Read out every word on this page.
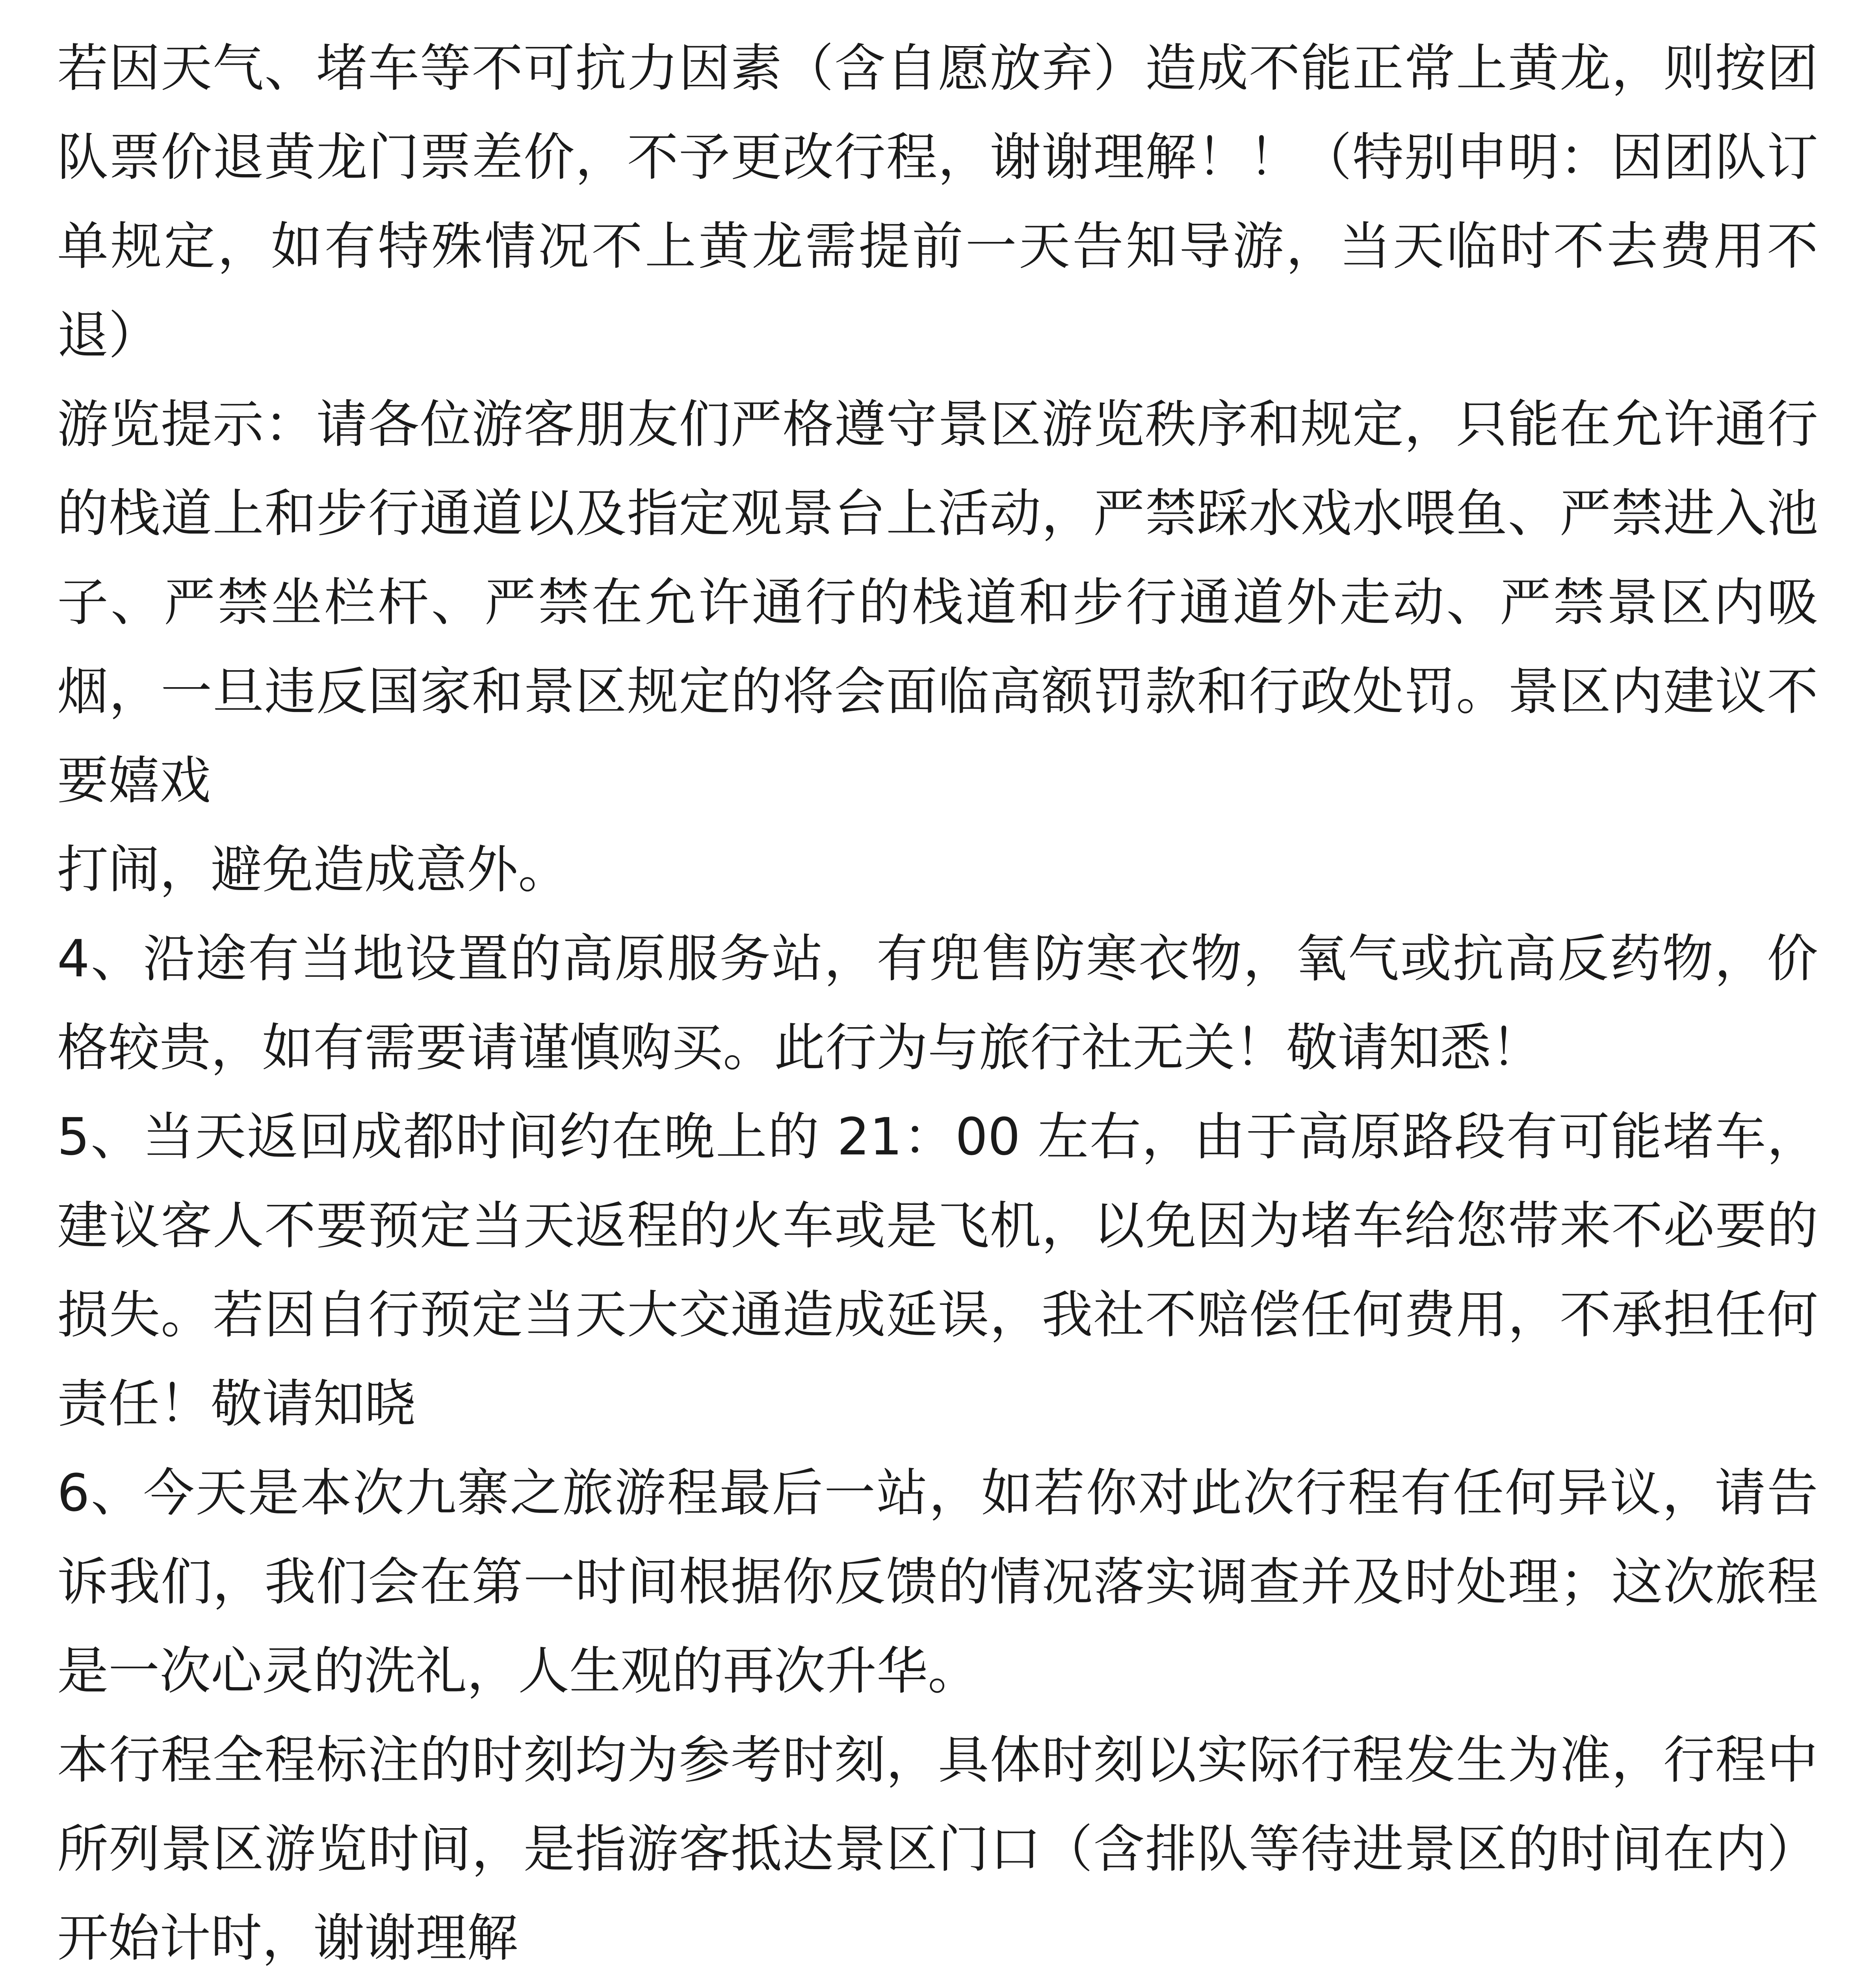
若因天气、堵车等不可抗力因素（含自愿放弃）造成不能正常上黄龙，则按团队票价退黄龙门票差价，不予更改行程，谢谢理解！！（特别申明：因团队订单规定，如有特殊情况不上黄龙需提前一天告知导游，当天临时不去费用不退）

游览提示：请各位游客朋友们严格遵守景区游览秩序和规定，只能在允许通行的栈道上和步行通道以及指定观景台上活动，严禁踩水戏水喂鱼、严禁进入池子、严禁坐栏杆、严禁在允许通行的栈道和步行通道外走动、严禁景区内吸烟，一旦违反国家和景区规定的将会面临高额罚款和行政处罚。景区内建议不要嬉戏

打闹，避免造成意外。

4、沿途有当地设置的高原服务站，有兜售防寒衣物，氧气或抗高反药物，价格较贵，如有需要请谨慎购买。此行为与旅行社无关！敬请知悉！

5、当天返回成都时间约在晚上的 21：00 左右，由于高原路段有可能堵车，建议客人不要预定当天返程的火车或是飞机，以免因为堵车给您带来不必要的损失。若因自行预定当天大交通造成延误，我社不赔偿任何费用，不承担任何责任！敬请知晓

6、今天是本次九寨之旅游程最后一站，如若你对此次行程有任何异议，请告诉我们，我们会在第一时间根据你反馈的情况落实调查并及时处理；这次旅程是一次心灵的洗礼，人生观的再次升华。

本行程全程标注的时刻均为参考时刻，具体时刻以实际行程发生为准，行程中所列景区游览时间，是指游客抵达景区门口（含排队等待进景区的时间在内）开始计时，谢谢理解
